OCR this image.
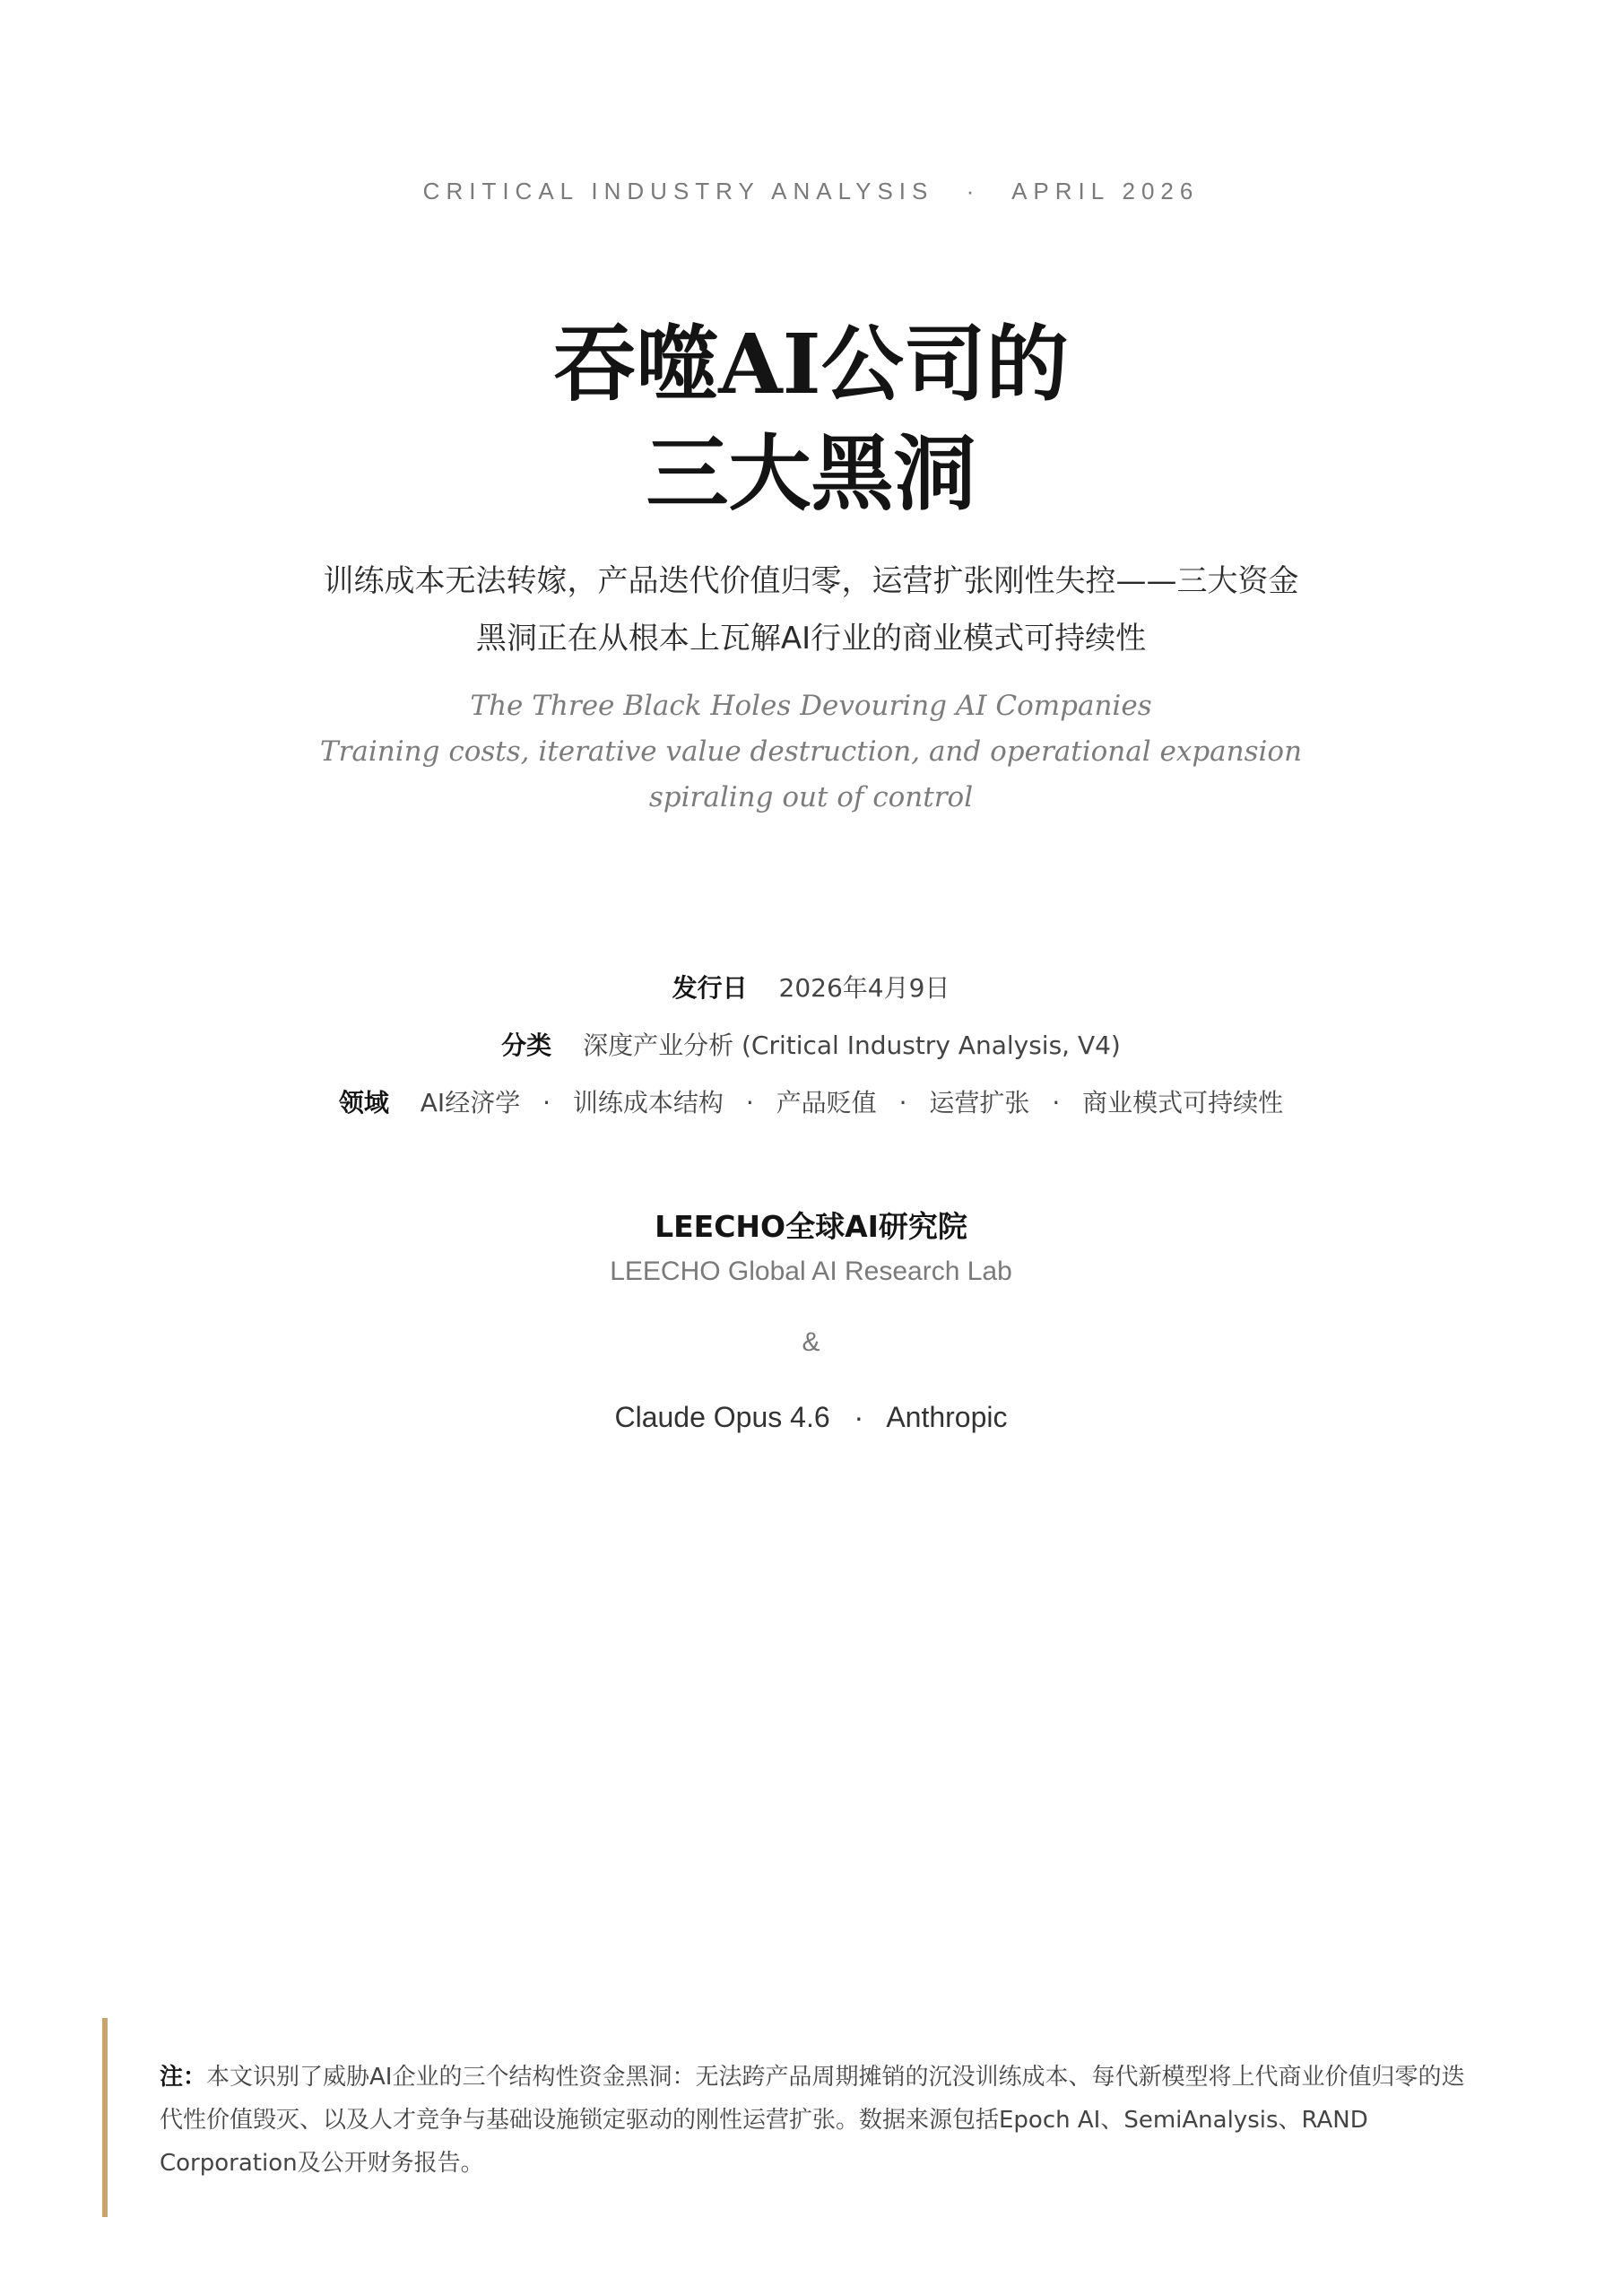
CRITICAL INDUSTRY ANALYSIS · APRIL 2026
吞噬AI公司的
三大黑洞
训练成本无法转嫁，产品迭代价值归零，运营扩张刚性失控——三大资金黑洞正在从根本上瓦解AI行业的商业模式可持续性
The Three Black Holes Devouring AI Companies
Training costs, iterative value destruction, and operational expansion spiraling out of control
发行日 2026年4月9日
分类 深度产业分析 (Critical Industry Analysis, V4)
领域 AI经济学 · 训练成本结构 · 产品贬值 · 运营扩张 · 商业模式可持续性
LEECHO全球AI研究院
LEECHO Global AI Research Lab
&
Claude Opus 4.6 · Anthropic
注：本文识别了威胁AI企业的三个结构性资金黑洞：无法跨产品周期摊销的沉没训练成本、每代新模型将上代商业价值归零的迭代性价值毁灭、以及人才竞争与基础设施锁定驱动的刚性运营扩张。数据来源包括Epoch AI、SemiAnalysis、RAND Corporation及公开财务报告。
